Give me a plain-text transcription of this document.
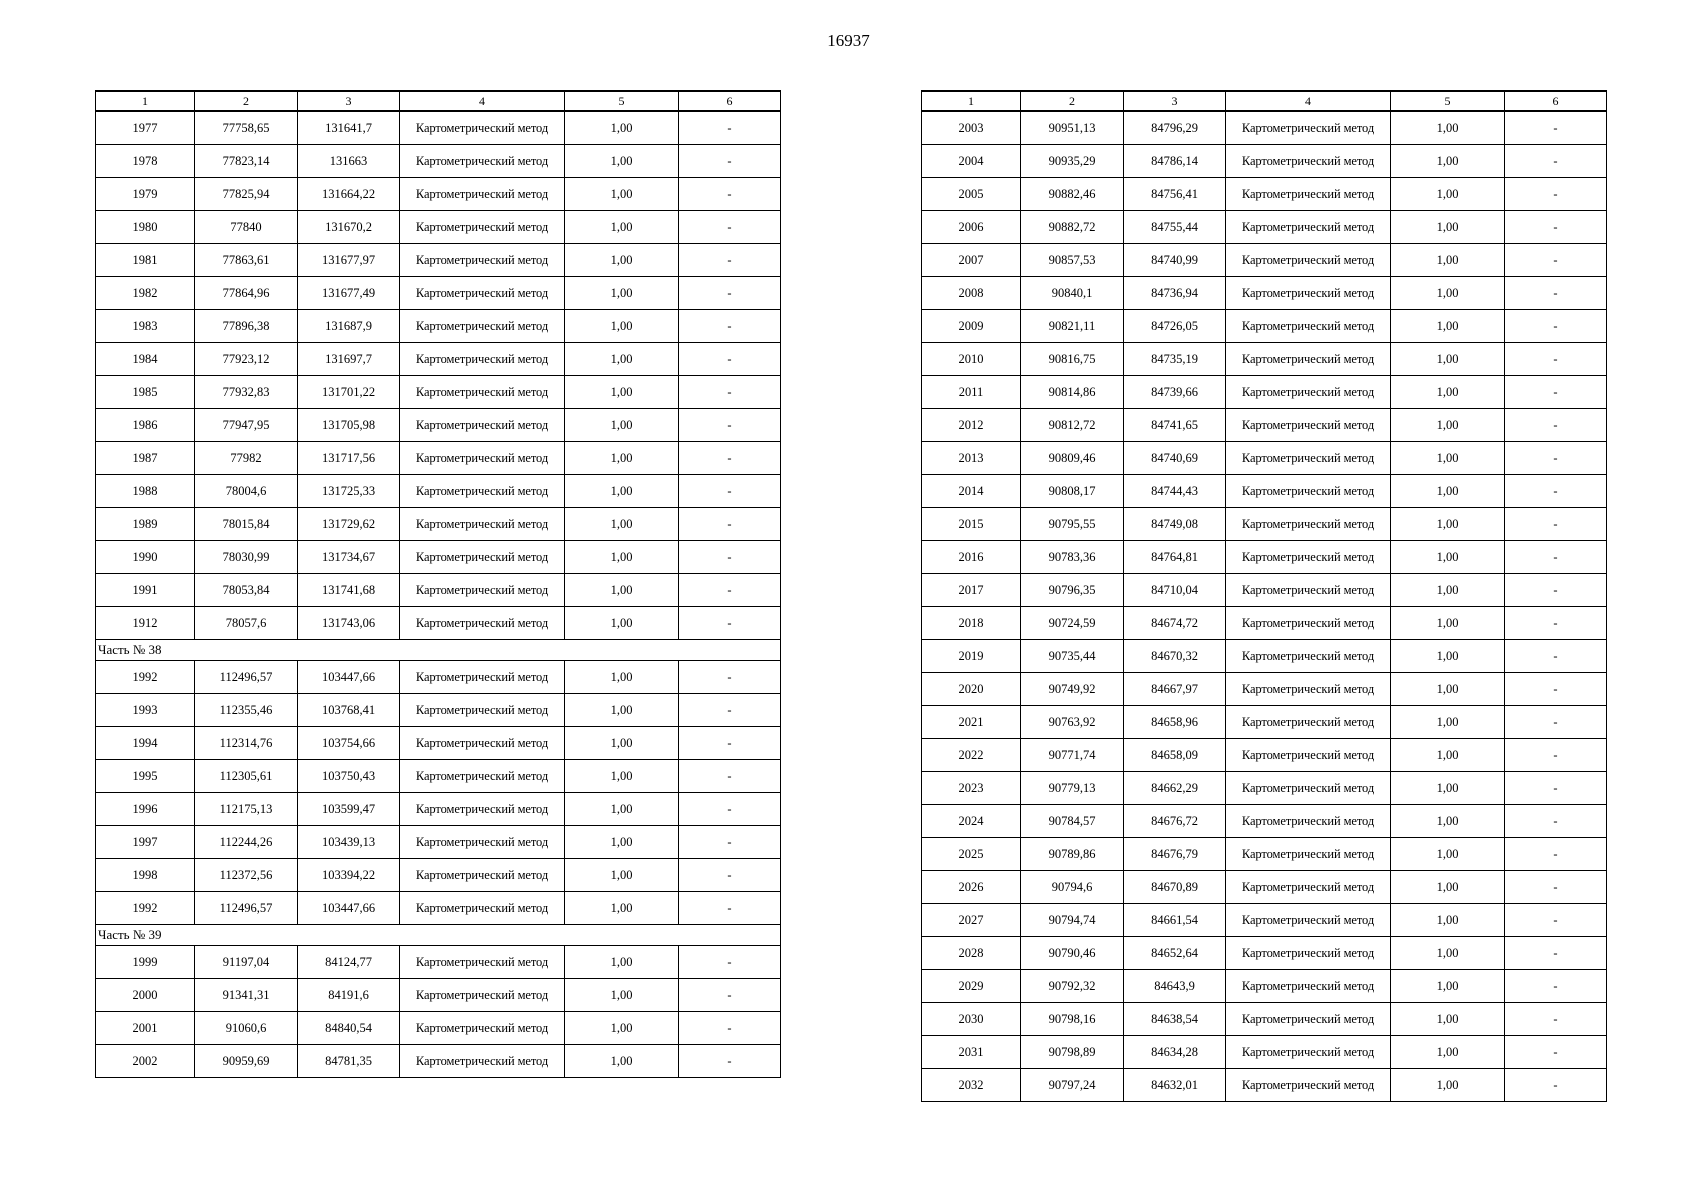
16937
1	2	3	4	5	6
1977	77758,65	131641,7	Картометрический метод	1,00	-
1978	77823,14	131663	Картометрический метод	1,00	-
1979	77825,94	131664,22	Картометрический метод	1,00	-
1980	77840	131670,2	Картометрический метод	1,00	-
1981	77863,61	131677,97	Картометрический метод	1,00	-
1982	77864,96	131677,49	Картометрический метод	1,00	-
1983	77896,38	131687,9	Картометрический метод	1,00	-
1984	77923,12	131697,7	Картометрический метод	1,00	-
1985	77932,83	131701,22	Картометрический метод	1,00	-
1986	77947,95	131705,98	Картометрический метод	1,00	-
1987	77982	131717,56	Картометрический метод	1,00	-
1988	78004,6	131725,33	Картометрический метод	1,00	-
1989	78015,84	131729,62	Картометрический метод	1,00	-
1990	78030,99	131734,67	Картометрический метод	1,00	-
1991	78053,84	131741,68	Картометрический метод	1,00	-
1912	78057,6	131743,06	Картометрический метод	1,00	-
Часть № 38					
1992	112496,57	103447,66	Картометрический метод	1,00	-
1993	112355,46	103768,41	Картометрический метод	1,00	-
1994	112314,76	103754,66	Картометрический метод	1,00	-
1995	112305,61	103750,43	Картометрический метод	1,00	-
1996	112175,13	103599,47	Картометрический метод	1,00	-
1997	112244,26	103439,13	Картометрический метод	1,00	-
1998	112372,56	103394,22	Картометрический метод	1,00	-
1992	112496,57	103447,66	Картометрический метод	1,00	-
Часть № 39					
1999	91197,04	84124,77	Картометрический метод	1,00	-
2000	91341,31	84191,6	Картометрический метод	1,00	-
2001	91060,6	84840,54	Картометрический метод	1,00	-
2002	90959,69	84781,35	Картометрический метод	1,00	-
1	2	3	4	5	6
2003	90951,13	84796,29	Картометрический метод	1,00	-
2004	90935,29	84786,14	Картометрический метод	1,00	-
2005	90882,46	84756,41	Картометрический метод	1,00	-
2006	90882,72	84755,44	Картометрический метод	1,00	-
2007	90857,53	84740,99	Картометрический метод	1,00	-
2008	90840,1	84736,94	Картометрический метод	1,00	-
2009	90821,11	84726,05	Картометрический метод	1,00	-
2010	90816,75	84735,19	Картометрический метод	1,00	-
2011	90814,86	84739,66	Картометрический метод	1,00	-
2012	90812,72	84741,65	Картометрический метод	1,00	-
2013	90809,46	84740,69	Картометрический метод	1,00	-
2014	90808,17	84744,43	Картометрический метод	1,00	-
2015	90795,55	84749,08	Картометрический метод	1,00	-
2016	90783,36	84764,81	Картометрический метод	1,00	-
2017	90796,35	84710,04	Картометрический метод	1,00	-
2018	90724,59	84674,72	Картометрический метод	1,00	-
2019	90735,44	84670,32	Картометрический метод	1,00	-
2020	90749,92	84667,97	Картометрический метод	1,00	-
2021	90763,92	84658,96	Картометрический метод	1,00	-
2022	90771,74	84658,09	Картометрический метод	1,00	-
2023	90779,13	84662,29	Картометрический метод	1,00	-
2024	90784,57	84676,72	Картометрический метод	1,00	-
2025	90789,86	84676,79	Картометрический метод	1,00	-
2026	90794,6	84670,89	Картометрический метод	1,00	-
2027	90794,74	84661,54	Картометрический метод	1,00	-
2028	90790,46	84652,64	Картометрический метод	1,00	-
2029	90792,32	84643,9	Картометрический метод	1,00	-
2030	90798,16	84638,54	Картометрический метод	1,00	-
2031	90798,89	84634,28	Картометрический метод	1,00	-
2032	90797,24	84632,01	Картометрический метод	1,00	-
